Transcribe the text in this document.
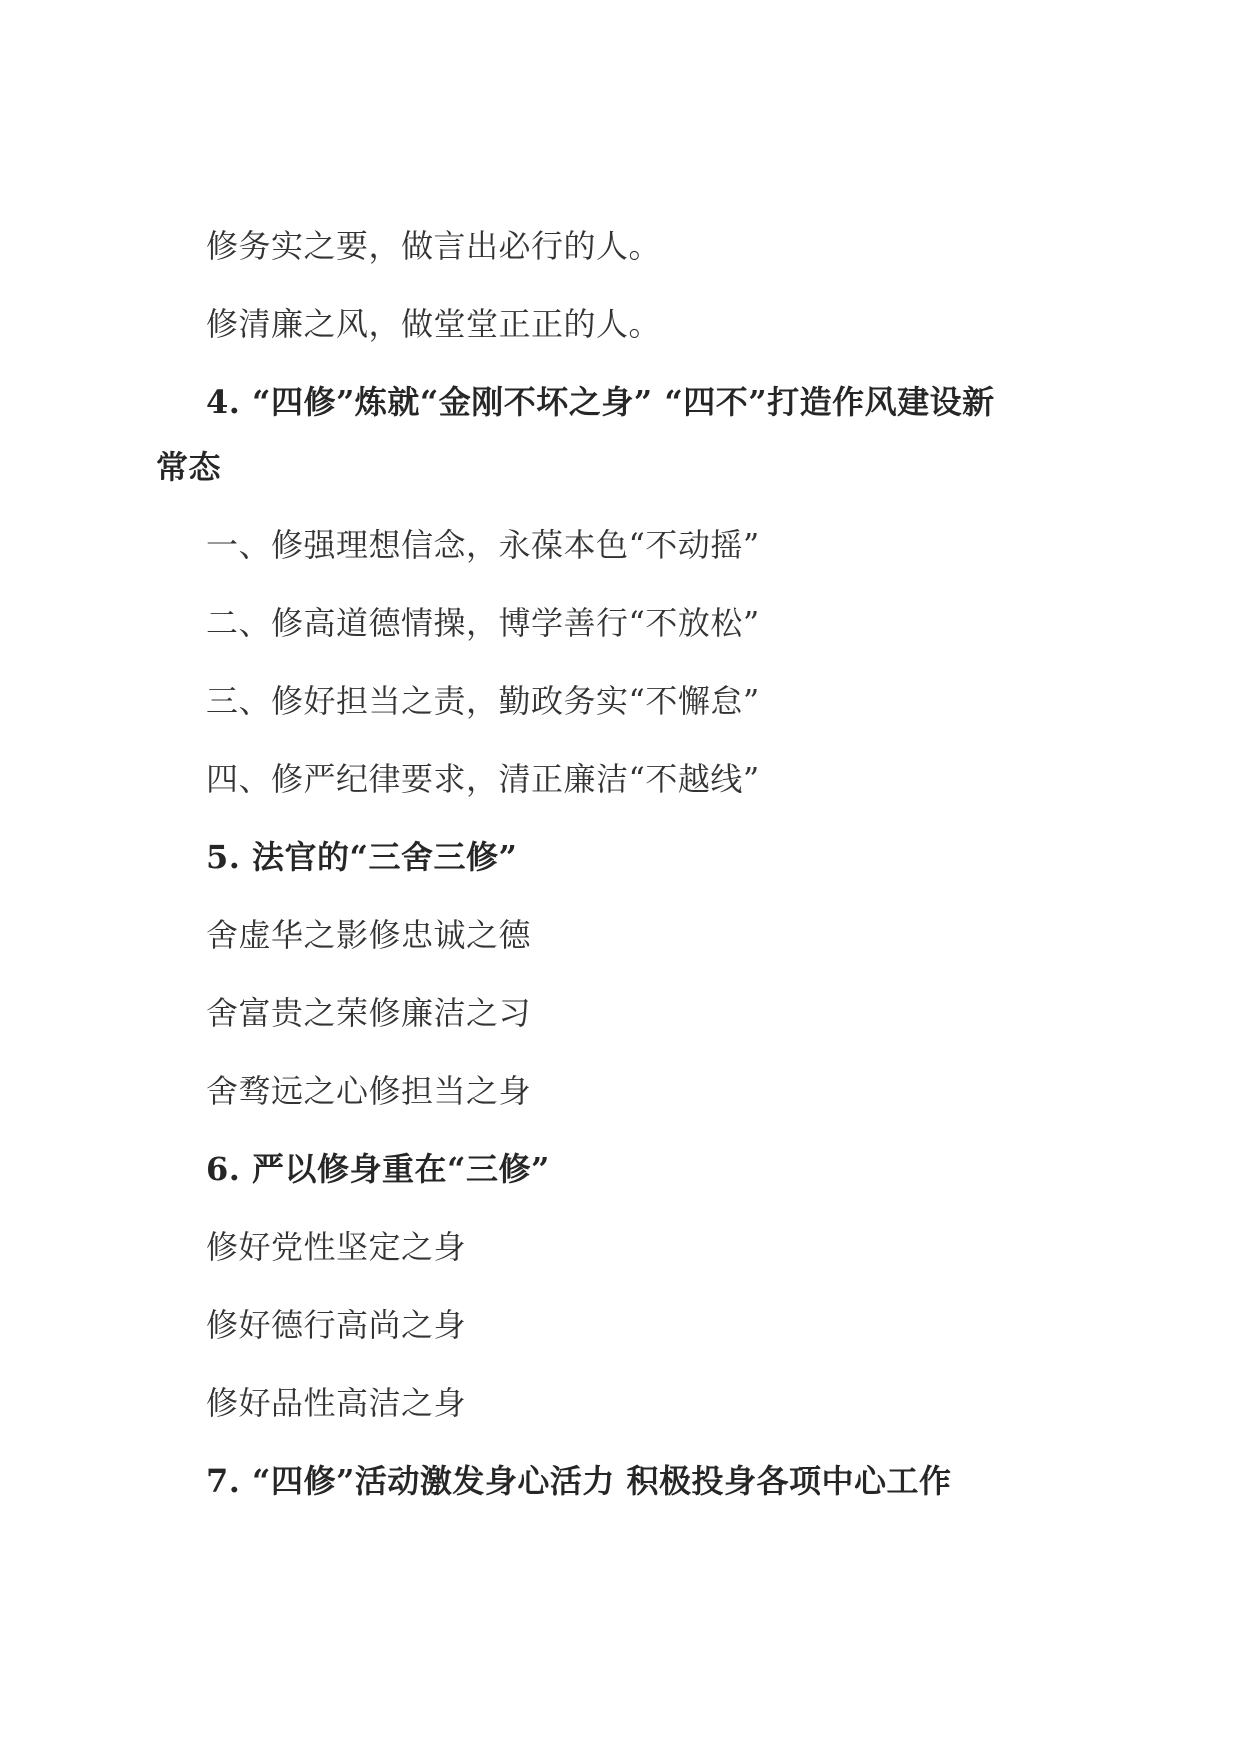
修务实之要，做言出必行的人。
修清廉之风，做堂堂正正的人。
4. “四修”炼就“金刚不坏之身” “四不”打造作风建设新
常态
一、修强理想信念，永葆本色“不动摇”
二、修高道德情操，博学善行“不放松”
三、修好担当之责，勤政务实“不懈怠”
四、修严纪律要求，清正廉洁“不越线”
5. 法官的“三舍三修”
舍虚华之影修忠诚之德
舍富贵之荣修廉洁之习
舍骛远之心修担当之身
6. 严以修身重在“三修”
修好党性坚定之身
修好德行高尚之身
修好品性高洁之身
7. “四修”活动激发身心活力 积极投身各项中心工作
